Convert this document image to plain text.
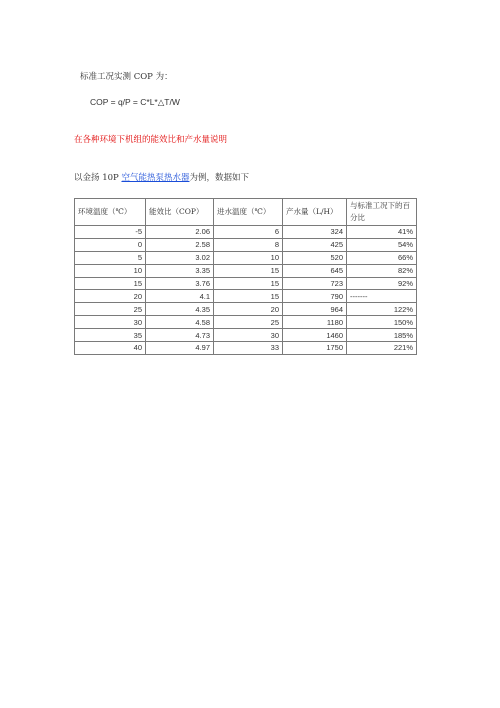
标准工况实测 COP 为：
COP = q/P = C*L*△T/W
在各种环境下机组的能效比和产水量说明
以金扬 10P 空气能热泵热水器为例，数据如下
环境温度（℃）	能效比（COP）	进水温度（℃）	产水量（L/H）	与标准工况下的百分比
-5	2.06	6	324	41%
0	2.58	8	425	54%
5	3.02	10	520	66%
10	3.35	15	645	82%
15	3.76	15	723	92%
20	4.1	15	790	-------
25	4.35	20	964	122%
30	4.58	25	1180	150%
35	4.73	30	1460	185%
40	4.97	33	1750	221%
